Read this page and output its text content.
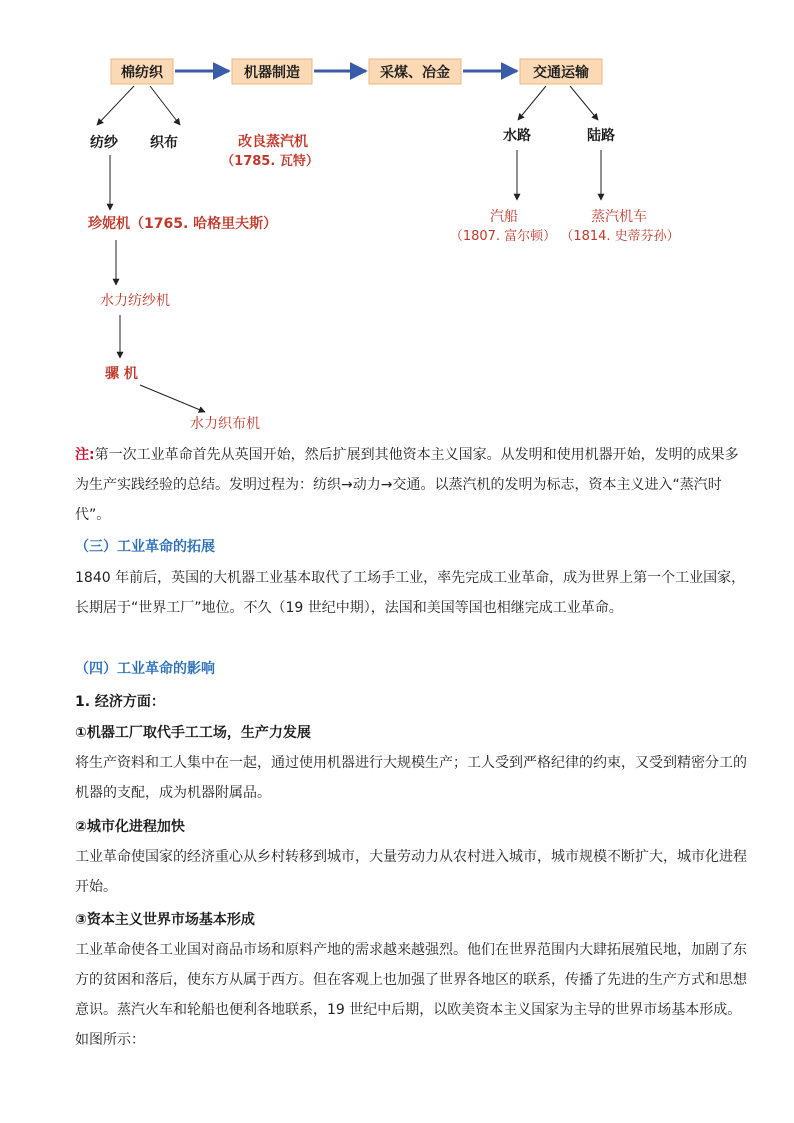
棉纺织	机器制造	采煤、冶金	交通运输
纺纱 织布	改良蒸汽机
（1785. 瓦特）
水路	陆路
珍妮机（1765. 哈格里夫斯）
水力纺纱机
骡 机
水力织布机
汽船
（1807. 富尔顿）
蒸汽机车
（1814. 史蒂芬孙）

注:第一次工业革命首先从英国开始，然后扩展到其他资本主义国家。从发明和使用机器开始，发明的成果多为生产实践经验的总结。发明过程为：纺织→动力→交通。以蒸汽机的发明为标志，资本主义进入“蒸汽时代”。

（三）工业革命的拓展

1840 年前后，英国的大机器工业基本取代了工场手工业，率先完成工业革命，成为世界上第一个工业国家，长期居于“世界工厂”地位。不久（19 世纪中期），法国和美国等国也相继完成工业革命。

（四）工业革命的影响

1. 经济方面：

①机器工厂取代手工工场，生产力发展

将生产资料和工人集中在一起，通过使用机器进行大规模生产；工人受到严格纪律的约束，又受到精密分工的机器的支配，成为机器附属品。

②城市化进程加快

工业革命使国家的经济重心从乡村转移到城市，大量劳动力从农村进入城市，城市规模不断扩大，城市化进程开始。

③资本主义世界市场基本形成

工业革命使各工业国对商品市场和原料产地的需求越来越强烈。他们在世界范围内大肆拓展殖民地，加剧了东方的贫困和落后，使东方从属于西方。但在客观上也加强了世界各地区的联系，传播了先进的生产方式和思想意识。蒸汽火车和轮船也便利各地联系，19 世纪中后期，以欧美资本主义国家为主导的世界市场基本形成。如图所示：
